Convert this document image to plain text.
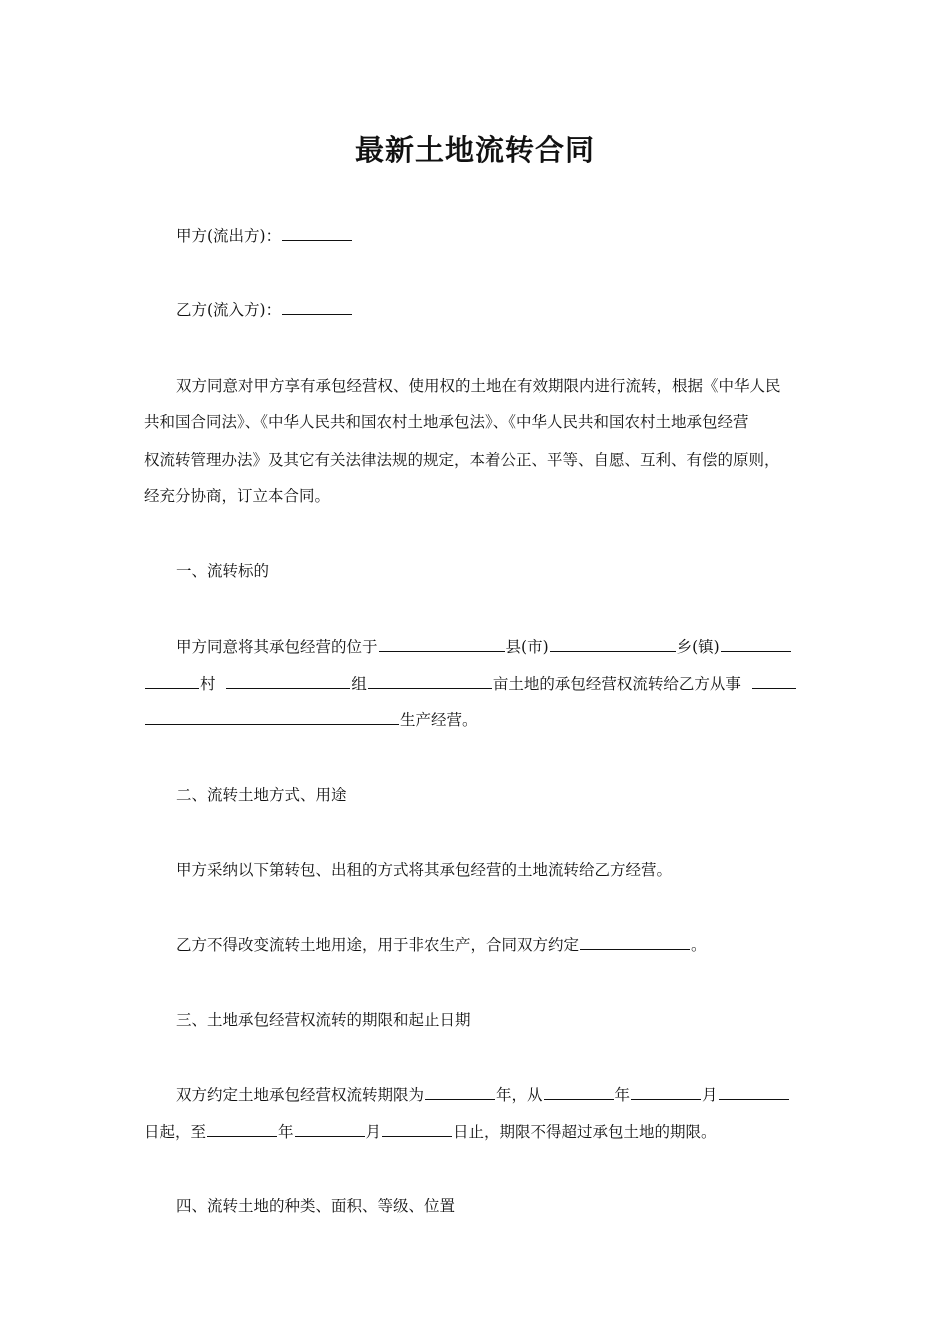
最新土地流转合同
甲方(流出方)：
乙方(流入方)：
双方同意对甲方享有承包经营权、使用权的土地在有效期限内进行流转，根据《中华人民
共和国合同法》、《中华人民共和国农村土地承包法》、《中华人民共和国农村土地承包经营
权流转管理办法》及其它有关法律法规的规定，本着公正、平等、自愿、互利、有偿的原则，
经充分协商，订立本合同。
一、流转标的
甲方同意将其承包经营的位于	县(市)	乡(镇)
村	组	亩土地的承包经营权流转给乙方从事
生产经营。
二、流转土地方式、用途
甲方采纳以下第转包、出租的方式将其承包经营的土地流转给乙方经营。
乙方不得改变流转土地用途，用于非农生产，合同双方约定	。
三、土地承包经营权流转的期限和起止日期
双方约定土地承包经营权流转期限为	年，从	年	月
日起，至	年	月	日止，期限不得超过承包土地的期限。
四、流转土地的种类、面积、等级、位置
